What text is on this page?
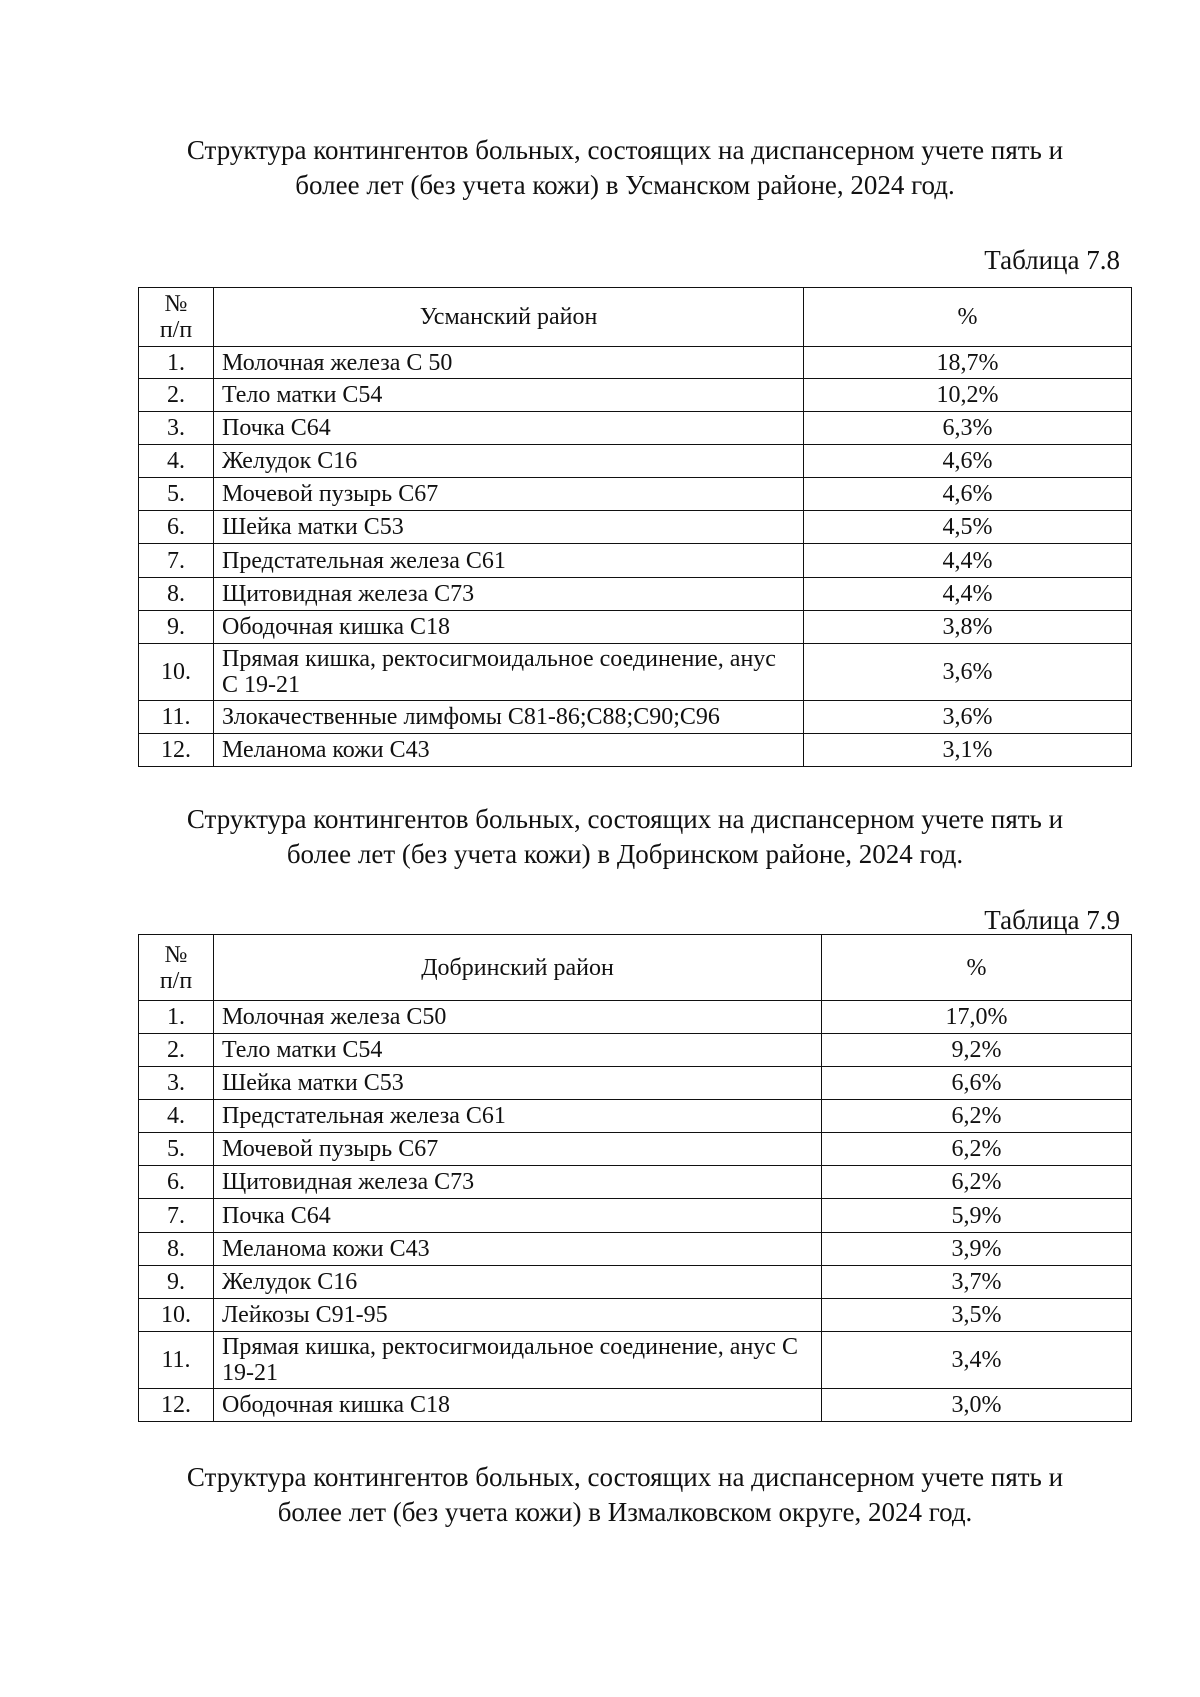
Структура контингентов больных, состоящих на диспансерном учете пять и
более лет (без учета кожи) в Усманском районе, 2024 год.
Таблица 7.8
№
п/п	Усманский район	%
1.	Молочная железа С 50	18,7%
2.	Тело матки С54	10,2%
3.	Почка С64	6,3%
4.	Желудок С16	4,6%
5.	Мочевой пузырь С67	4,6%
6.	Шейка матки С53	4,5%
7.	Предстательная железа С61	4,4%
8.	Щитовидная железа С73	4,4%
9.	Ободочная кишка С18	3,8%
10.	Прямая кишка, ректосигмоидальное соединение, анус С 19-21	3,6%
11.	Злокачественные лимфомы С81-86;С88;С90;С96	3,6%
12.	Меланома кожи С43	3,1%
Структура контингентов больных, состоящих на диспансерном учете пять и
более лет (без учета кожи) в Добринском районе, 2024 год.
Таблица 7.9
№
п/п	Добринский район	%
1.	Молочная железа С50	17,0%
2.	Тело матки С54	9,2%
3.	Шейка матки С53	6,6%
4.	Предстательная железа С61	6,2%
5.	Мочевой пузырь С67	6,2%
6.	Щитовидная железа С73	6,2%
7.	Почка С64	5,9%
8.	Меланома кожи С43	3,9%
9.	Желудок С16	3,7%
10.	Лейкозы С91-95	3,5%
11.	Прямая кишка, ректосигмоидальное соединение, анус С 19-21	3,4%
12.	Ободочная кишка С18	3,0%
Структура контингентов больных, состоящих на диспансерном учете пять и
более лет (без учета кожи) в Измалковском округе, 2024 год.
